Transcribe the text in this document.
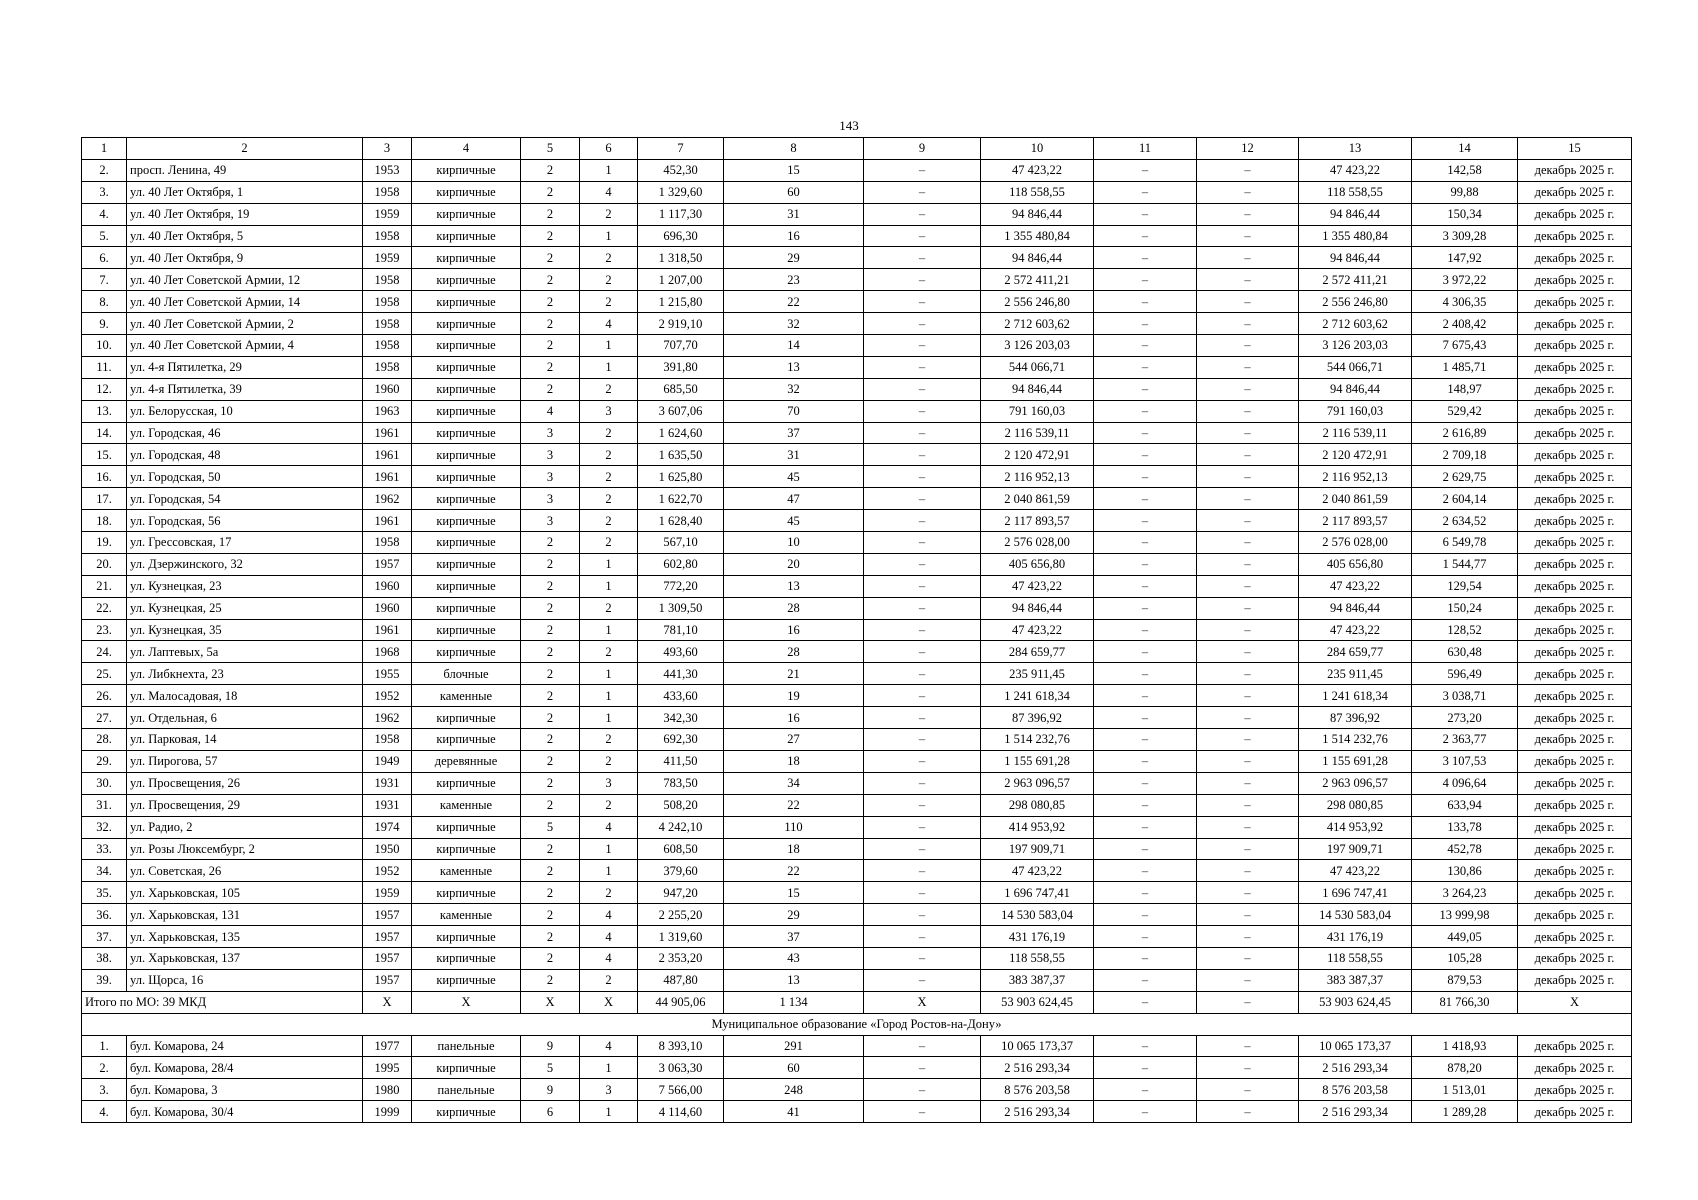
143
1	2	3	4	5	6	7	8	9	10	11	12	13	14	15
2.	просп. Ленина, 49	1953	кирпичные	2	1	452,30	15	–	47 423,22	–	–	47 423,22	142,58	декабрь 2025 г.
3.	ул. 40 Лет Октября, 1	1958	кирпичные	2	4	1 329,60	60	–	118 558,55	–	–	118 558,55	99,88	декабрь 2025 г.
4.	ул. 40 Лет Октября, 19	1959	кирпичные	2	2	1 117,30	31	–	94 846,44	–	–	94 846,44	150,34	декабрь 2025 г.
5.	ул. 40 Лет Октября, 5	1958	кирпичные	2	1	696,30	16	–	1 355 480,84	–	–	1 355 480,84	3 309,28	декабрь 2025 г.
6.	ул. 40 Лет Октября, 9	1959	кирпичные	2	2	1 318,50	29	–	94 846,44	–	–	94 846,44	147,92	декабрь 2025 г.
7.	ул. 40 Лет Советской Армии, 12	1958	кирпичные	2	2	1 207,00	23	–	2 572 411,21	–	–	2 572 411,21	3 972,22	декабрь 2025 г.
8.	ул. 40 Лет Советской Армии, 14	1958	кирпичные	2	2	1 215,80	22	–	2 556 246,80	–	–	2 556 246,80	4 306,35	декабрь 2025 г.
9.	ул. 40 Лет Советской Армии, 2	1958	кирпичные	2	4	2 919,10	32	–	2 712 603,62	–	–	2 712 603,62	2 408,42	декабрь 2025 г.
10.	ул. 40 Лет Советской Армии, 4	1958	кирпичные	2	1	707,70	14	–	3 126 203,03	–	–	3 126 203,03	7 675,43	декабрь 2025 г.
11.	ул. 4-я Пятилетка, 29	1958	кирпичные	2	1	391,80	13	–	544 066,71	–	–	544 066,71	1 485,71	декабрь 2025 г.
12.	ул. 4-я Пятилетка, 39	1960	кирпичные	2	2	685,50	32	–	94 846,44	–	–	94 846,44	148,97	декабрь 2025 г.
13.	ул. Белорусская, 10	1963	кирпичные	4	3	3 607,06	70	–	791 160,03	–	–	791 160,03	529,42	декабрь 2025 г.
14.	ул. Городская, 46	1961	кирпичные	3	2	1 624,60	37	–	2 116 539,11	–	–	2 116 539,11	2 616,89	декабрь 2025 г.
15.	ул. Городская, 48	1961	кирпичные	3	2	1 635,50	31	–	2 120 472,91	–	–	2 120 472,91	2 709,18	декабрь 2025 г.
16.	ул. Городская, 50	1961	кирпичные	3	2	1 625,80	45	–	2 116 952,13	–	–	2 116 952,13	2 629,75	декабрь 2025 г.
17.	ул. Городская, 54	1962	кирпичные	3	2	1 622,70	47	–	2 040 861,59	–	–	2 040 861,59	2 604,14	декабрь 2025 г.
18.	ул. Городская, 56	1961	кирпичные	3	2	1 628,40	45	–	2 117 893,57	–	–	2 117 893,57	2 634,52	декабрь 2025 г.
19.	ул. Грессовская, 17	1958	кирпичные	2	2	567,10	10	–	2 576 028,00	–	–	2 576 028,00	6 549,78	декабрь 2025 г.
20.	ул. Дзержинского, 32	1957	кирпичные	2	1	602,80	20	–	405 656,80	–	–	405 656,80	1 544,77	декабрь 2025 г.
21.	ул. Кузнецкая, 23	1960	кирпичные	2	1	772,20	13	–	47 423,22	–	–	47 423,22	129,54	декабрь 2025 г.
22.	ул. Кузнецкая, 25	1960	кирпичные	2	2	1 309,50	28	–	94 846,44	–	–	94 846,44	150,24	декабрь 2025 г.
23.	ул. Кузнецкая, 35	1961	кирпичные	2	1	781,10	16	–	47 423,22	–	–	47 423,22	128,52	декабрь 2025 г.
24.	ул. Лаптевых, 5а	1968	кирпичные	2	2	493,60	28	–	284 659,77	–	–	284 659,77	630,48	декабрь 2025 г.
25.	ул. Либкнехта, 23	1955	блочные	2	1	441,30	21	–	235 911,45	–	–	235 911,45	596,49	декабрь 2025 г.
26.	ул. Малосадовая, 18	1952	каменные	2	1	433,60	19	–	1 241 618,34	–	–	1 241 618,34	3 038,71	декабрь 2025 г.
27.	ул. Отдельная, 6	1962	кирпичные	2	1	342,30	16	–	87 396,92	–	–	87 396,92	273,20	декабрь 2025 г.
28.	ул. Парковая, 14	1958	кирпичные	2	2	692,30	27	–	1 514 232,76	–	–	1 514 232,76	2 363,77	декабрь 2025 г.
29.	ул. Пирогова, 57	1949	деревянные	2	2	411,50	18	–	1 155 691,28	–	–	1 155 691,28	3 107,53	декабрь 2025 г.
30.	ул. Просвещения, 26	1931	кирпичные	2	3	783,50	34	–	2 963 096,57	–	–	2 963 096,57	4 096,64	декабрь 2025 г.
31.	ул. Просвещения, 29	1931	каменные	2	2	508,20	22	–	298 080,85	–	–	298 080,85	633,94	декабрь 2025 г.
32.	ул. Радио, 2	1974	кирпичные	5	4	4 242,10	110	–	414 953,92	–	–	414 953,92	133,78	декабрь 2025 г.
33.	ул. Розы Люксембург, 2	1950	кирпичные	2	1	608,50	18	–	197 909,71	–	–	197 909,71	452,78	декабрь 2025 г.
34.	ул. Советская, 26	1952	каменные	2	1	379,60	22	–	47 423,22	–	–	47 423,22	130,86	декабрь 2025 г.
35.	ул. Харьковская, 105	1959	кирпичные	2	2	947,20	15	–	1 696 747,41	–	–	1 696 747,41	3 264,23	декабрь 2025 г.
36.	ул. Харьковская, 131	1957	каменные	2	4	2 255,20	29	–	14 530 583,04	–	–	14 530 583,04	13 999,98	декабрь 2025 г.
37.	ул. Харьковская, 135	1957	кирпичные	2	4	1 319,60	37	–	431 176,19	–	–	431 176,19	449,05	декабрь 2025 г.
38.	ул. Харьковская, 137	1957	кирпичные	2	4	2 353,20	43	–	118 558,55	–	–	118 558,55	105,28	декабрь 2025 г.
39.	ул. Щорса, 16	1957	кирпичные	2	2	487,80	13	–	383 387,37	–	–	383 387,37	879,53	декабрь 2025 г.
Итого по МО: 39 МКД		X	X	X	X	44 905,06	1 134	X	53 903 624,45	–	–	53 903 624,45	81 766,30	X
Муниципальное образование «Город Ростов-на-Дону»														
1.	бул. Комарова, 24	1977	панельные	9	4	8 393,10	291	–	10 065 173,37	–	–	10 065 173,37	1 418,93	декабрь 2025 г.
2.	бул. Комарова, 28/4	1995	кирпичные	5	1	3 063,30	60	–	2 516 293,34	–	–	2 516 293,34	878,20	декабрь 2025 г.
3.	бул. Комарова, 3	1980	панельные	9	3	7 566,00	248	–	8 576 203,58	–	–	8 576 203,58	1 513,01	декабрь 2025 г.
4.	бул. Комарова, 30/4	1999	кирпичные	6	1	4 114,60	41	–	2 516 293,34	–	–	2 516 293,34	1 289,28	декабрь 2025 г.
